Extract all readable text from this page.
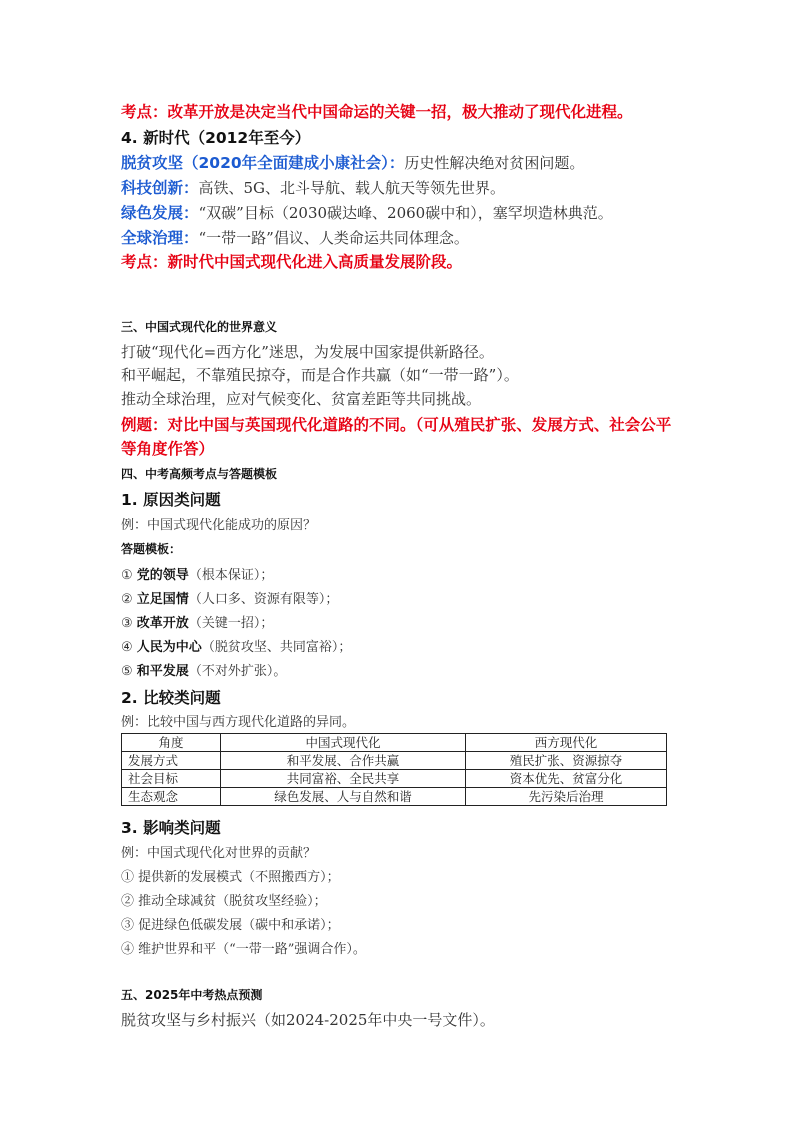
考点：改革开放是决定当代中国命运的关键一招，极大推动了现代化进程。
4. 新时代（2012年至今）
脱贫攻坚（2020年全面建成小康社会）：历史性解决绝对贫困问题。
科技创新：高铁、5G、北斗导航、载人航天等领先世界。
绿色发展：“双碳”目标（2030碳达峰、2060碳中和），塞罕坝造林典范。
全球治理：“一带一路”倡议、人类命运共同体理念。
考点：新时代中国式现代化进入高质量发展阶段。
三、中国式现代化的世界意义
打破“现代化=西方化”迷思，为发展中国家提供新路径。
和平崛起，不靠殖民掠夺，而是合作共赢（如“一带一路”）。
推动全球治理，应对气候变化、贫富差距等共同挑战。
例题：对比中国与英国现代化道路的不同。（可从殖民扩张、发展方式、社会公平
等角度作答）
四、中考高频考点与答题模板
1. 原因类问题
例：中国式现代化能成功的原因？
答题模板：
① 党的领导（根本保证）；
② 立足国情（人口多、资源有限等）；
③ 改革开放（关键一招）；
④ 人民为中心（脱贫攻坚、共同富裕）；
⑤ 和平发展（不对外扩张）。
2. 比较类问题
例：比较中国与西方现代化道路的异同。
角度	中国式现代化	西方现代化
发展方式	和平发展、合作共赢	殖民扩张、资源掠夺
社会目标	共同富裕、全民共享	资本优先、贫富分化
生态观念	绿色发展、人与自然和谐	先污染后治理
3. 影响类问题
例：中国式现代化对世界的贡献？
① 提供新的发展模式（不照搬西方）；
② 推动全球减贫（脱贫攻坚经验）；
③ 促进绿色低碳发展（碳中和承诺）；
④ 维护世界和平（“一带一路”强调合作）。
五、2025年中考热点预测
脱贫攻坚与乡村振兴（如2024-2025年中央一号文件）。
